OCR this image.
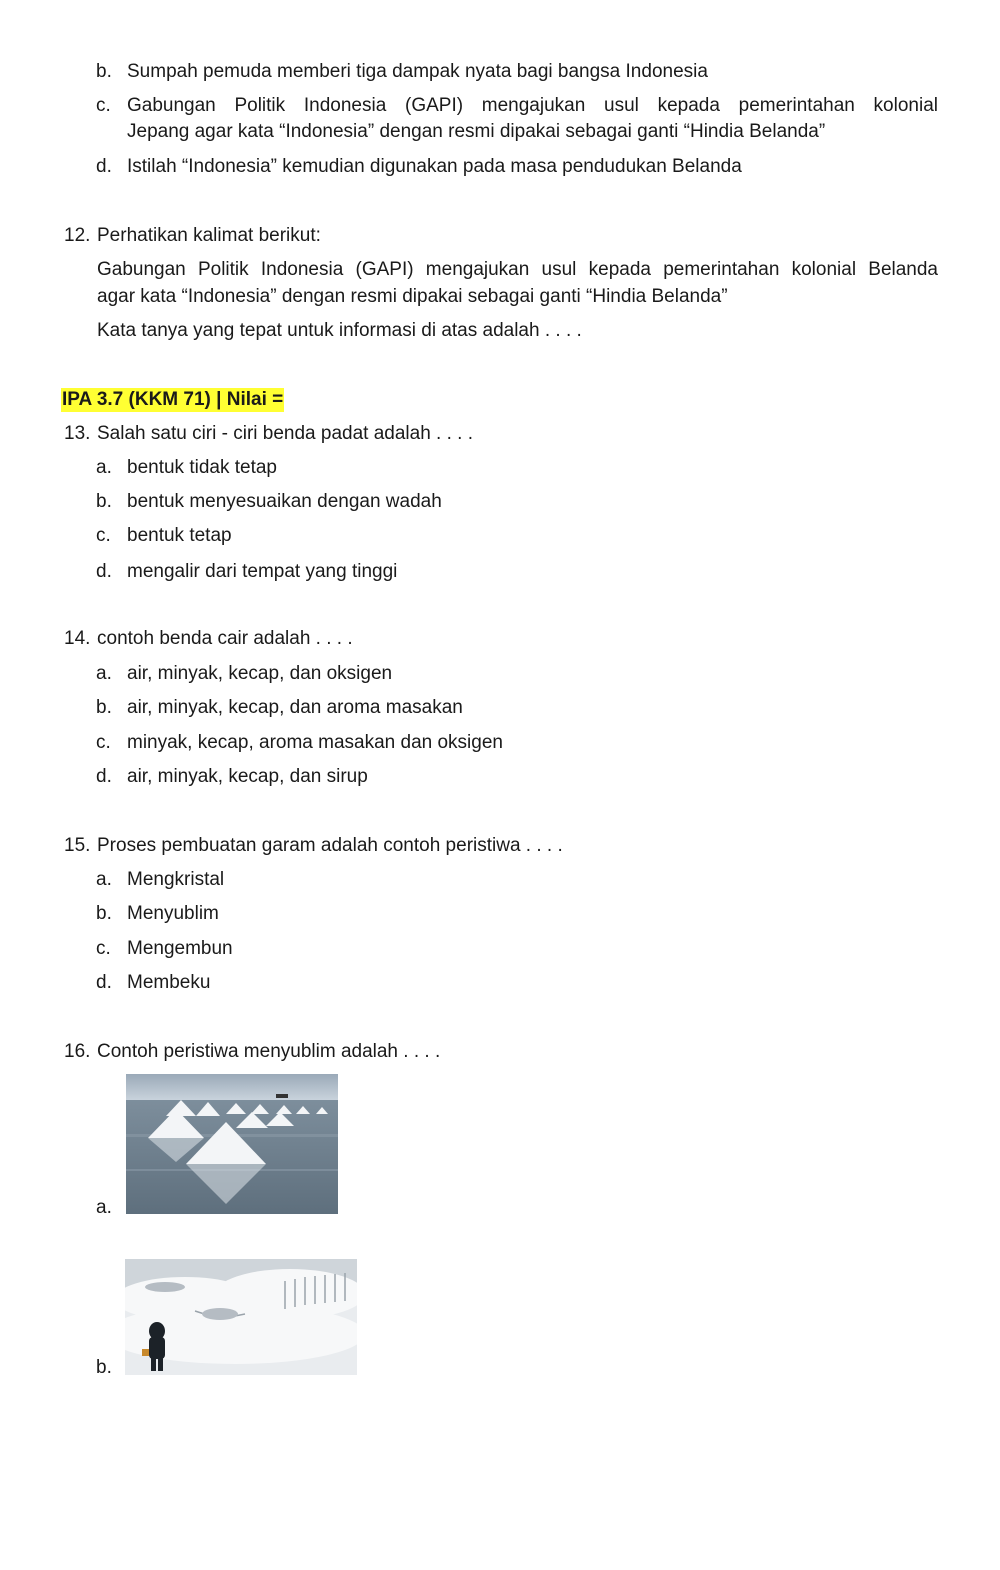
b. Sumpah pemuda memberi tiga dampak nyata bagi bangsa Indonesia
c. Gabungan Politik Indonesia (GAPI) mengajukan usul kepada pemerintahan kolonial
Jepang agar kata “Indonesia” dengan resmi dipakai sebagai ganti “Hindia Belanda”
d. Istilah “Indonesia” kemudian digunakan pada masa pendudukan Belanda
12. Perhatikan kalimat berikut:
Gabungan Politik Indonesia (GAPI) mengajukan usul kepada pemerintahan kolonial Belanda
agar kata “Indonesia” dengan resmi dipakai sebagai ganti “Hindia Belanda”
Kata tanya yang tepat untuk informasi di atas adalah . . . .
IPA 3.7 (KKM 71) | Nilai =
13. Salah satu ciri - ciri benda padat adalah . . . .
a. bentuk tidak tetap
b. bentuk menyesuaikan dengan wadah
c. bentuk tetap
d. mengalir dari tempat yang tinggi
14. contoh benda cair adalah . . . .
a. air, minyak, kecap, dan oksigen
b. air, minyak, kecap, dan aroma masakan
c. minyak, kecap, aroma masakan dan oksigen
d. air, minyak, kecap, dan sirup
15. Proses pembuatan garam adalah contoh peristiwa . . . .
a. Mengkristal
b. Menyublim
c. Mengembun
d. Membeku
16. Contoh peristiwa menyublim adalah . . . .
a.
b.
